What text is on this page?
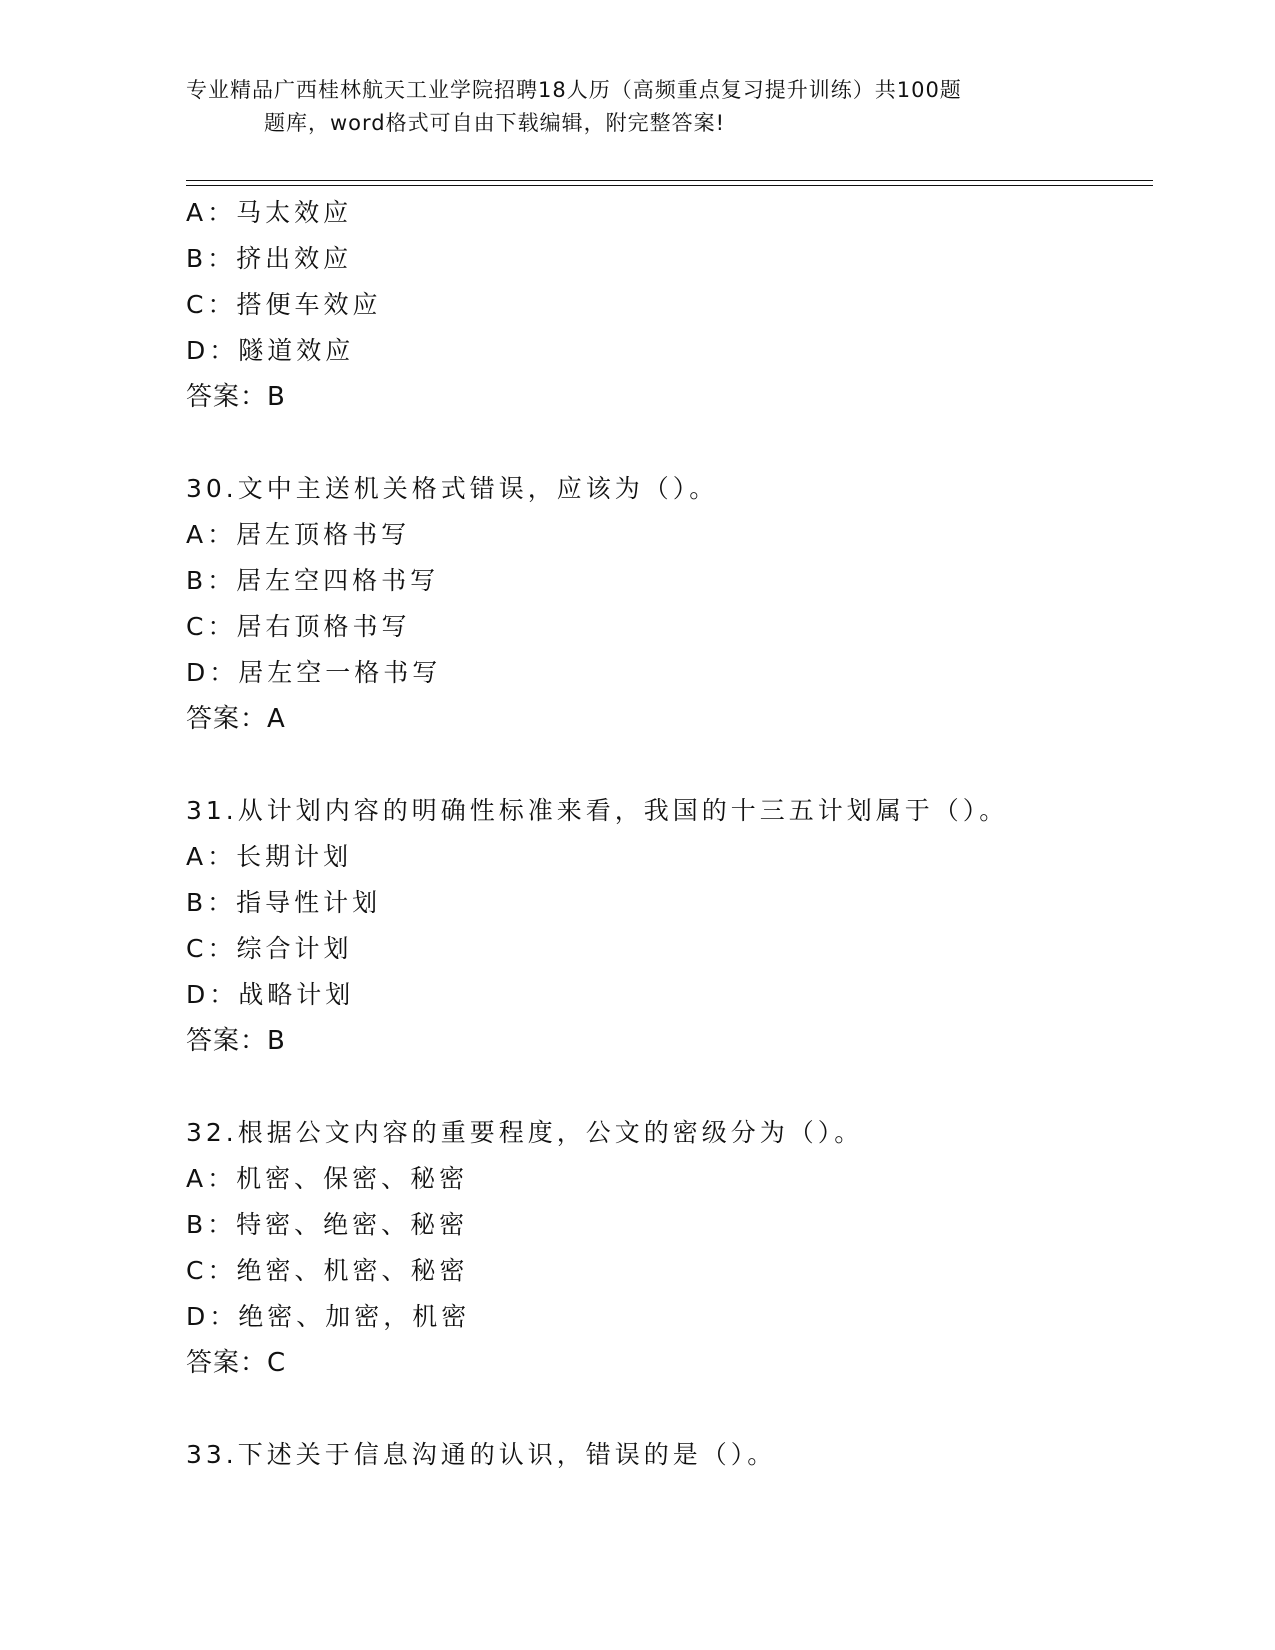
专业精品广西桂林航天工业学院招聘18人历（高频重点复习提升训练）共100题
题库，word格式可自由下载编辑，附完整答案!
A：马太效应
B：挤出效应
C：搭便车效应
D：隧道效应
答案：B
30.文中主送机关格式错误，应该为（）。
A：居左顶格书写
B：居左空四格书写
C：居右顶格书写
D：居左空一格书写
答案：A
31.从计划内容的明确性标准来看，我国的十三五计划属于（）。
A：长期计划
B：指导性计划
C：综合计划
D：战略计划
答案：B
32.根据公文内容的重要程度，公文的密级分为（）。
A：机密、保密、秘密
B：特密、绝密、秘密
C：绝密、机密、秘密
D：绝密、加密，机密
答案：C
33.下述关于信息沟通的认识，错误的是（）。
